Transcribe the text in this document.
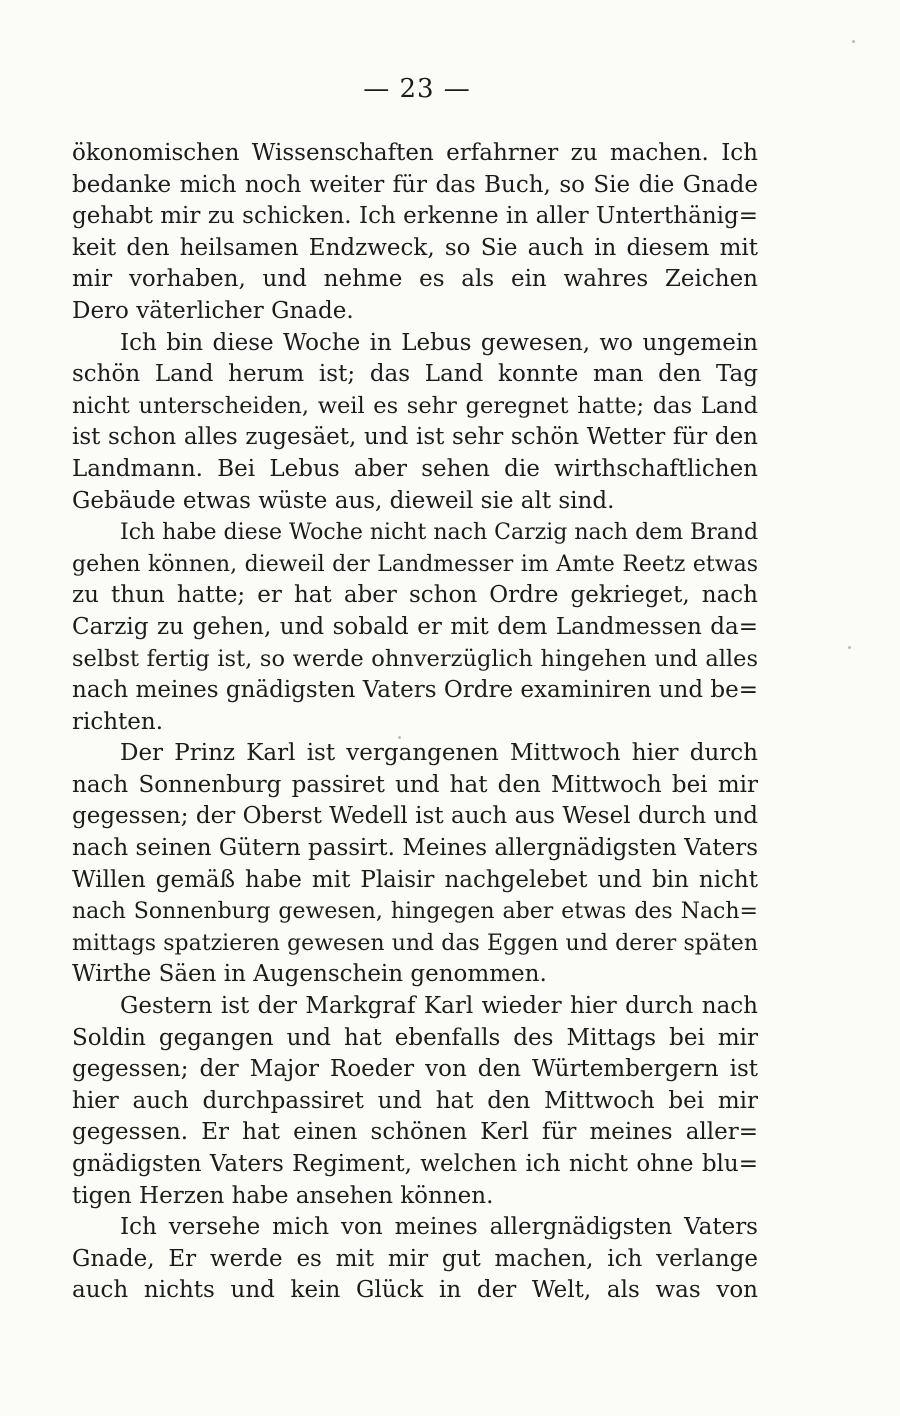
— 23 —
ökonomischen Wissenschaften erfahrner zu machen. Ich
bedanke mich noch weiter für das Buch, so Sie die Gnade
gehabt mir zu schicken. Ich erkenne in aller Unterthänig=
keit den heilsamen Endzweck, so Sie auch in diesem mit
mir vorhaben, und nehme es als ein wahres Zeichen
Dero väterlicher Gnade.
Ich bin diese Woche in Lebus gewesen, wo ungemein
schön Land herum ist; das Land konnte man den Tag
nicht unterscheiden, weil es sehr geregnet hatte; das Land
ist schon alles zugesäet, und ist sehr schön Wetter für den
Landmann. Bei Lebus aber sehen die wirthschaftlichen
Gebäude etwas wüste aus, dieweil sie alt sind.
Ich habe diese Woche nicht nach Carzig nach dem Brand
gehen können, dieweil der Landmesser im Amte Reetz etwas
zu thun hatte; er hat aber schon Ordre gekrieget, nach
Carzig zu gehen, und sobald er mit dem Landmessen da=
selbst fertig ist, so werde ohnverzüglich hingehen und alles
nach meines gnädigsten Vaters Ordre examiniren und be=
richten.
Der Prinz Karl ist vergangenen Mittwoch hier durch
nach Sonnenburg passiret und hat den Mittwoch bei mir
gegessen; der Oberst Wedell ist auch aus Wesel durch und
nach seinen Gütern passirt. Meines allergnädigsten Vaters
Willen gemäß habe mit Plaisir nachgelebet und bin nicht
nach Sonnenburg gewesen, hingegen aber etwas des Nach=
mittags spatzieren gewesen und das Eggen und derer späten
Wirthe Säen in Augenschein genommen.
Gestern ist der Markgraf Karl wieder hier durch nach
Soldin gegangen und hat ebenfalls des Mittags bei mir
gegessen; der Major Roeder von den Würtembergern ist
hier auch durchpassiret und hat den Mittwoch bei mir
gegessen. Er hat einen schönen Kerl für meines aller=
gnädigsten Vaters Regiment, welchen ich nicht ohne blu=
tigen Herzen habe ansehen können.
Ich versehe mich von meines allergnädigsten Vaters
Gnade, Er werde es mit mir gut machen, ich verlange
auch nichts und kein Glück in der Welt, als was von
